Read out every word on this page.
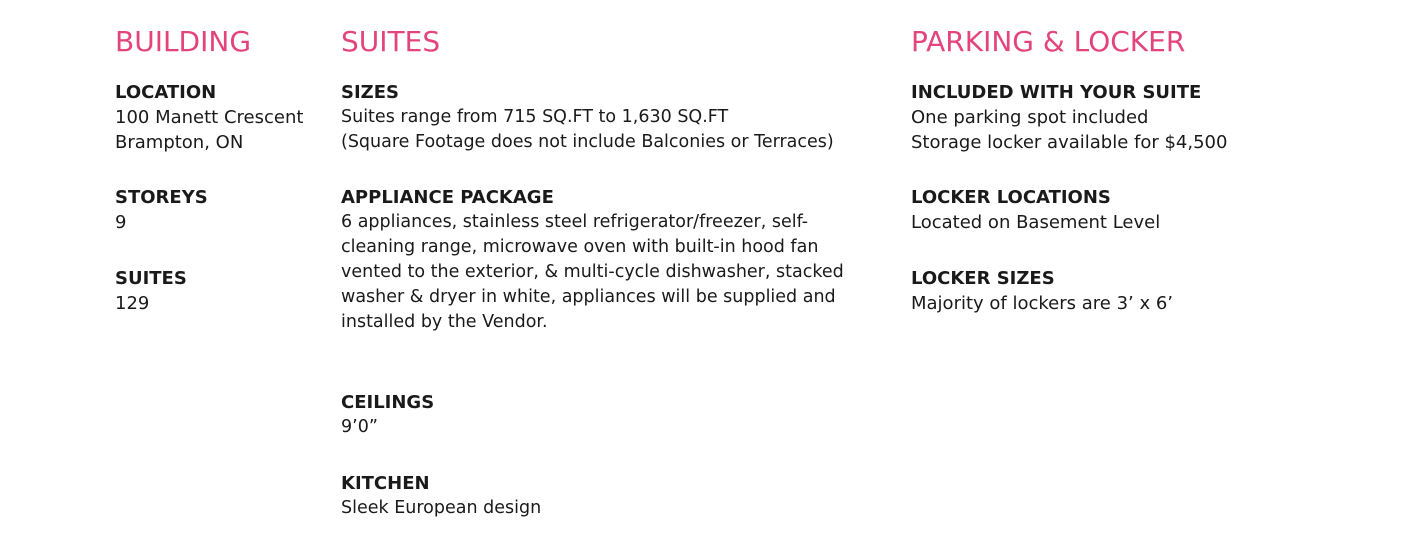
BUILDING
LOCATION
100 Manett Crescent
Brampton, ON
STOREYS
9
SUITES
129
SUITES
SIZES
Suites range from 715 SQ.FT to 1,630 SQ.FT
(Square Footage does not include Balconies or Terraces)
APPLIANCE PACKAGE
6 appliances, stainless steel refrigerator/freezer, self-
cleaning range, microwave oven with built-in hood fan
vented to the exterior, & multi-cycle dishwasher, stacked
washer & dryer in white, appliances will be supplied and
installed by the Vendor.
CEILINGS
9’0”
KITCHEN
Sleek European design
PARKING & LOCKER
INCLUDED WITH YOUR SUITE
One parking spot included
Storage locker available for $4,500
LOCKER LOCATIONS
Located on Basement Level
LOCKER SIZES
Majority of lockers are 3’ x 6’
